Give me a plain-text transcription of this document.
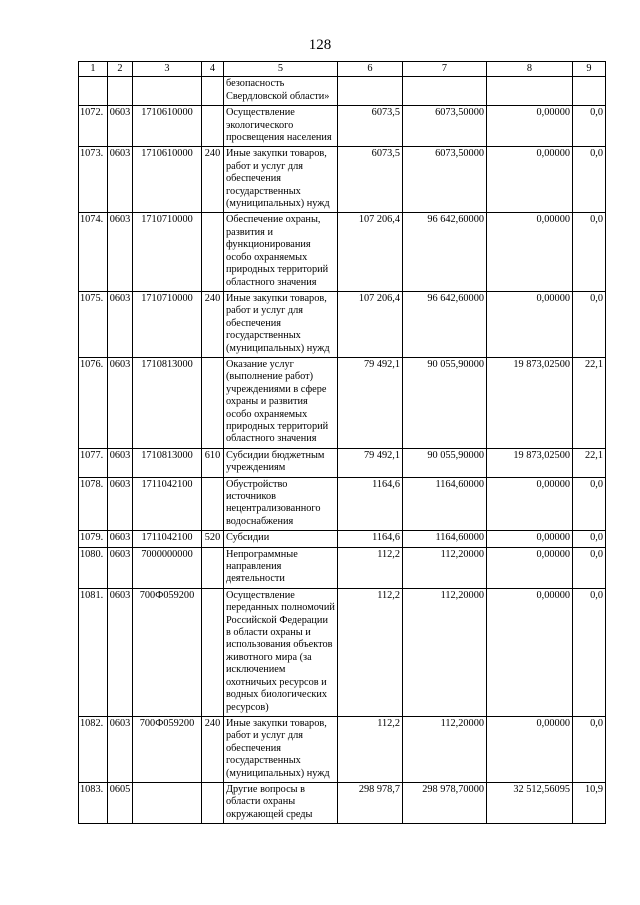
128
1	2	3	4	5	6	7	8	9
				безопасность Свердловской области»				
1072.	0603	1710610000		Осуществление экологического просвещения населения	6073,5	6073,50000	0,00000	0,0
1073.	0603	1710610000	240	Иные закупки товаров, работ и услуг для обеспечения государственных (муниципальных) нужд	6073,5	6073,50000	0,00000	0,0
1074.	0603	1710710000		Обеспечение охраны, развития и функционирования особо охраняемых природных территорий областного значения	107 206,4	96 642,60000	0,00000	0,0
1075.	0603	1710710000	240	Иные закупки товаров, работ и услуг для обеспечения государственных (муниципальных) нужд	107 206,4	96 642,60000	0,00000	0,0
1076.	0603	1710813000		Оказание услуг (выполнение работ) учреждениями в сфере охраны и развития особо охраняемых природных территорий областного значения	79 492,1	90 055,90000	19 873,02500	22,1
1077.	0603	1710813000	610	Субсидии бюджетным учреждениям	79 492,1	90 055,90000	19 873,02500	22,1
1078.	0603	1711042100		Обустройство источников нецентрализованного водоснабжения	1164,6	1164,60000	0,00000	0,0
1079.	0603	1711042100	520	Субсидии	1164,6	1164,60000	0,00000	0,0
1080.	0603	7000000000		Непрограммные направления деятельности	112,2	112,20000	0,00000	0,0
1081.	0603	700Ф059200		Осуществление переданных полномочий Российской Федерации в области охраны и использования объектов животного мира (за исключением охотничьих ресурсов и водных биологических ресурсов)	112,2	112,20000	0,00000	0,0
1082.	0603	700Ф059200	240	Иные закупки товаров, работ и услуг для обеспечения государственных (муниципальных) нужд	112,2	112,20000	0,00000	0,0
1083.	0605			Другие вопросы в области охраны окружающей среды	298 978,7	298 978,70000	32 512,56095	10,9
